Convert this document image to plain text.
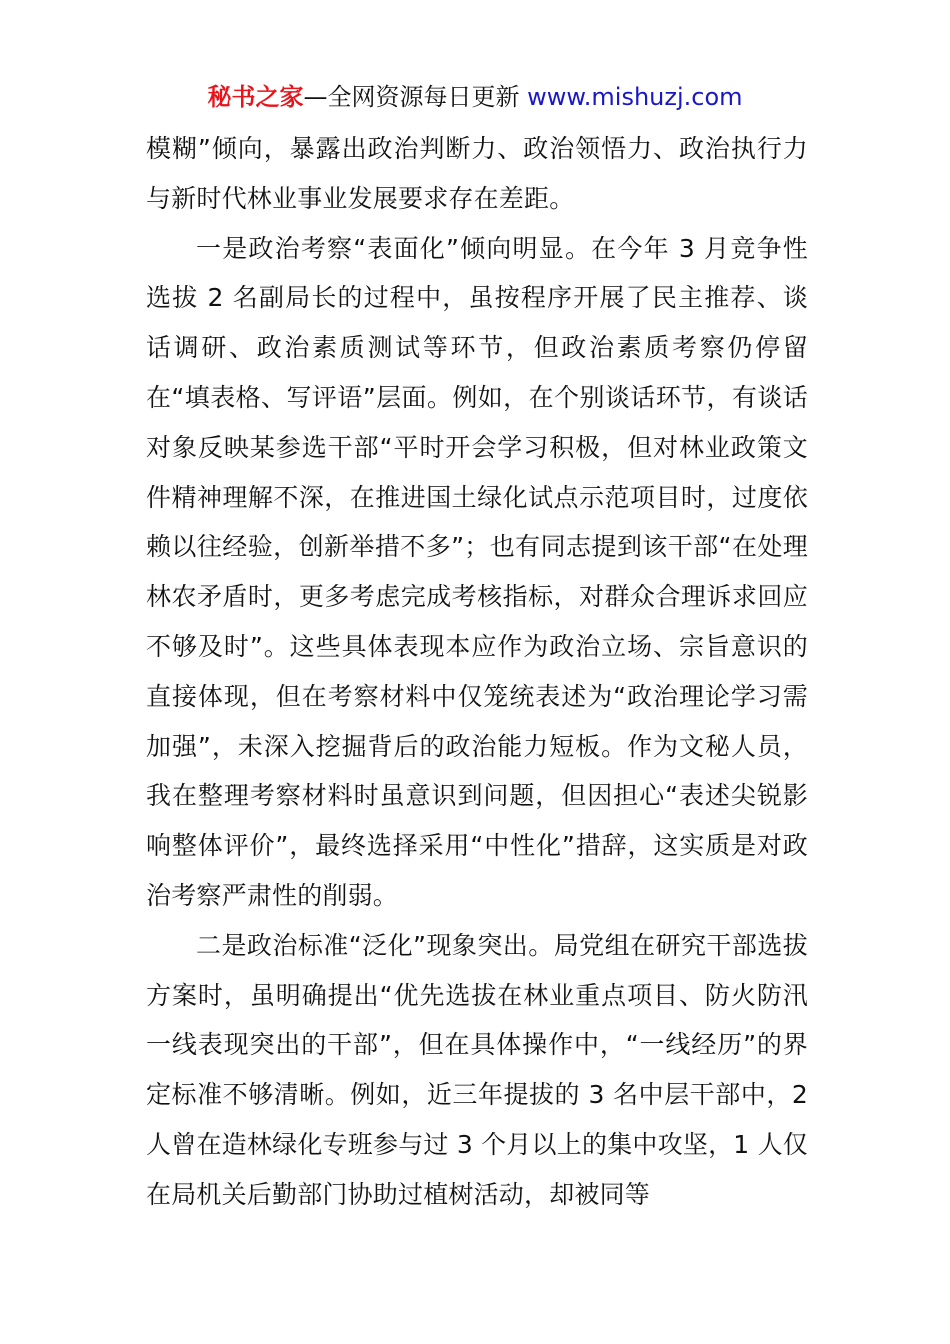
秘书之家—全网资源每日更新 www.mishuzj.com

模糊”倾向，暴露出政治判断力、政治领悟力、政治执行力与新时代林业事业发展要求存在差距。

一是政治考察“表面化”倾向明显。在今年 3 月竞争性选拔 2 名副局长的过程中，虽按程序开展了民主推荐、谈话调研、政治素质测试等环节，但政治素质考察仍停留在“填表格、写评语”层面。例如，在个别谈话环节，有谈话对象反映某参选干部“平时开会学习积极，但对林业政策文件精神理解不深，在推进国土绿化试点示范项目时，过度依赖以往经验，创新举措不多”；也有同志提到该干部“在处理林农矛盾时，更多考虑完成考核指标，对群众合理诉求回应不够及时”。这些具体表现本应作为政治立场、宗旨意识的直接体现，但在考察材料中仅笼统表述为“政治理论学习需加强”，未深入挖掘背后的政治能力短板。作为文秘人员，我在整理考察材料时虽意识到问题，但因担心“表述尖锐影响整体评价”，最终选择采用“中性化”措辞，这实质是对政治考察严肃性的削弱。

二是政治标准“泛化”现象突出。局党组在研究干部选拔方案时，虽明确提出“优先选拔在林业重点项目、防火防汛一线表现突出的干部”，但在具体操作中，“一线经历”的界定标准不够清晰。例如，近三年提拔的 3 名中层干部中，2 人曾在造林绿化专班参与过 3 个月以上的集中攻坚，1 人仅在局机关后勤部门协助过植树活动，却被同等
